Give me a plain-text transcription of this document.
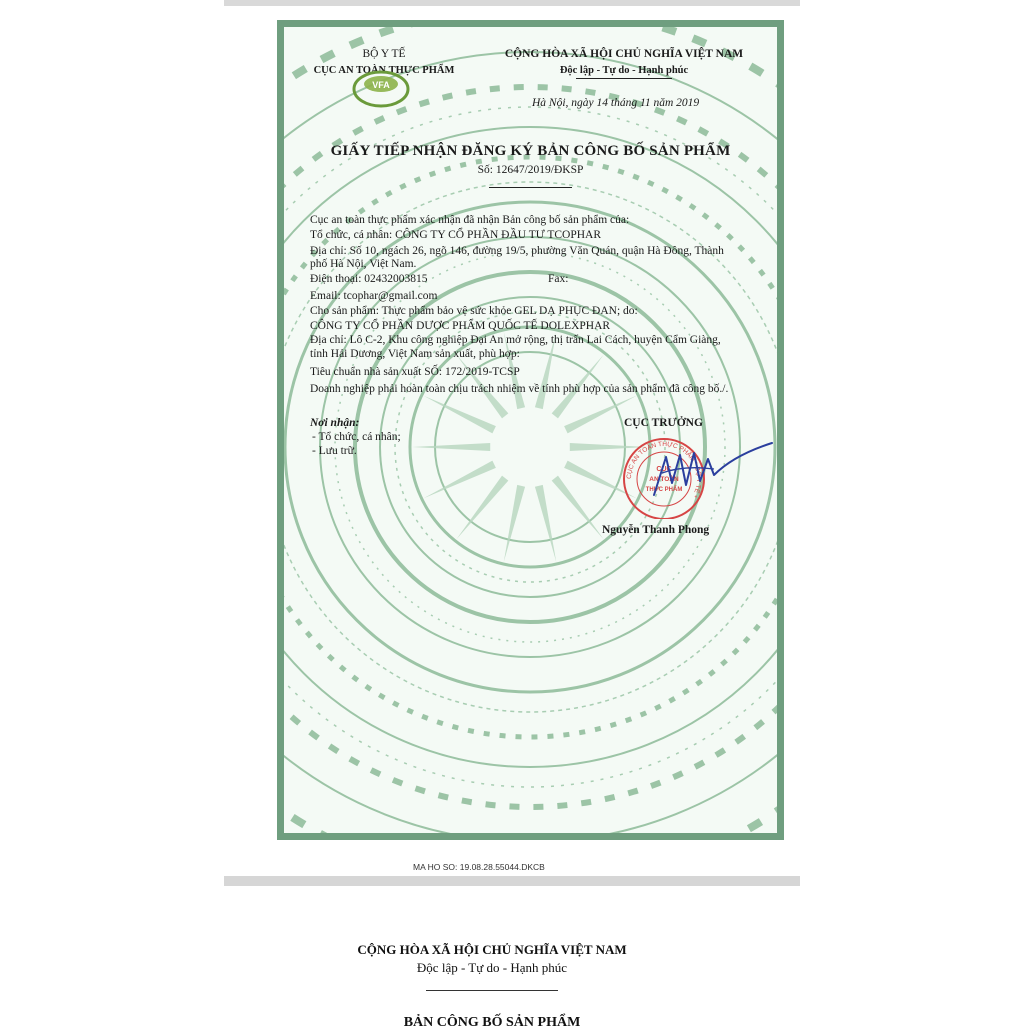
BỘ Y TẾ
CỤC AN TOÀN THỰC PHẨM
VFA
CỘNG HÒA XÃ HỘI CHỦ NGHĨA VIỆT NAM
Độc lập - Tự do - Hạnh phúc
Hà Nội, ngày 14 tháng 11 năm 2019
GIẤY TIẾP NHẬN ĐĂNG KÝ BẢN CÔNG BỐ SẢN PHẨM
Số: 12647/2019/ĐKSP
Cục an toàn thực phẩm xác nhận đã nhận Bản công bố sản phẩm của:
Tổ chức, cá nhân: CÔNG TY CỔ PHẦN ĐẦU TƯ TCOPHAR
Địa chỉ: Số 10, ngách 26, ngõ 146, đường 19/5, phường Văn Quán, quận Hà Đông, Thành
phố Hà Nội, Việt Nam.
Điện thoại: 02432003815	Fax:
Email: tcophar@gmail.com
Cho sản phẩm: Thực phẩm bảo vệ sức khỏe GEL DẠ PHỤC ĐAN; do:
CÔNG TY CỔ PHẦN DƯỢC PHẨM QUỐC TẾ DOLEXPHAR
Địa chỉ: Lô C-2, Khu công nghiệp Đại An mở rộng, thị trấn Lai Cách, huyện Cẩm Giàng,
tỉnh Hải Dương, Việt Nam sản xuất, phù hợp:
Tiêu chuẩn nhà sản xuất SỐ: 172/2019-TCSP
Doanh nghiệp phải hoàn toàn chịu trách nhiệm về tính phù hợp của sản phẩm đã công bố./.
Nơi nhận:
- Tổ chức, cá nhân;
- Lưu trữ.
CỤC TRƯỞNG
CỤC AN TOÀN THỰC PHẨM * BỘ Y TẾ *
CỤC
AN TOÀN
THỰC PHẨM
Nguyễn Thanh Phong
MA HO SO: 19.08.28.55044.DKCB
CỘNG HÒA XÃ HỘI CHỦ NGHĨA VIỆT NAM
Độc lập - Tự do - Hạnh phúc
BẢN CÔNG BỐ SẢN PHẨM
